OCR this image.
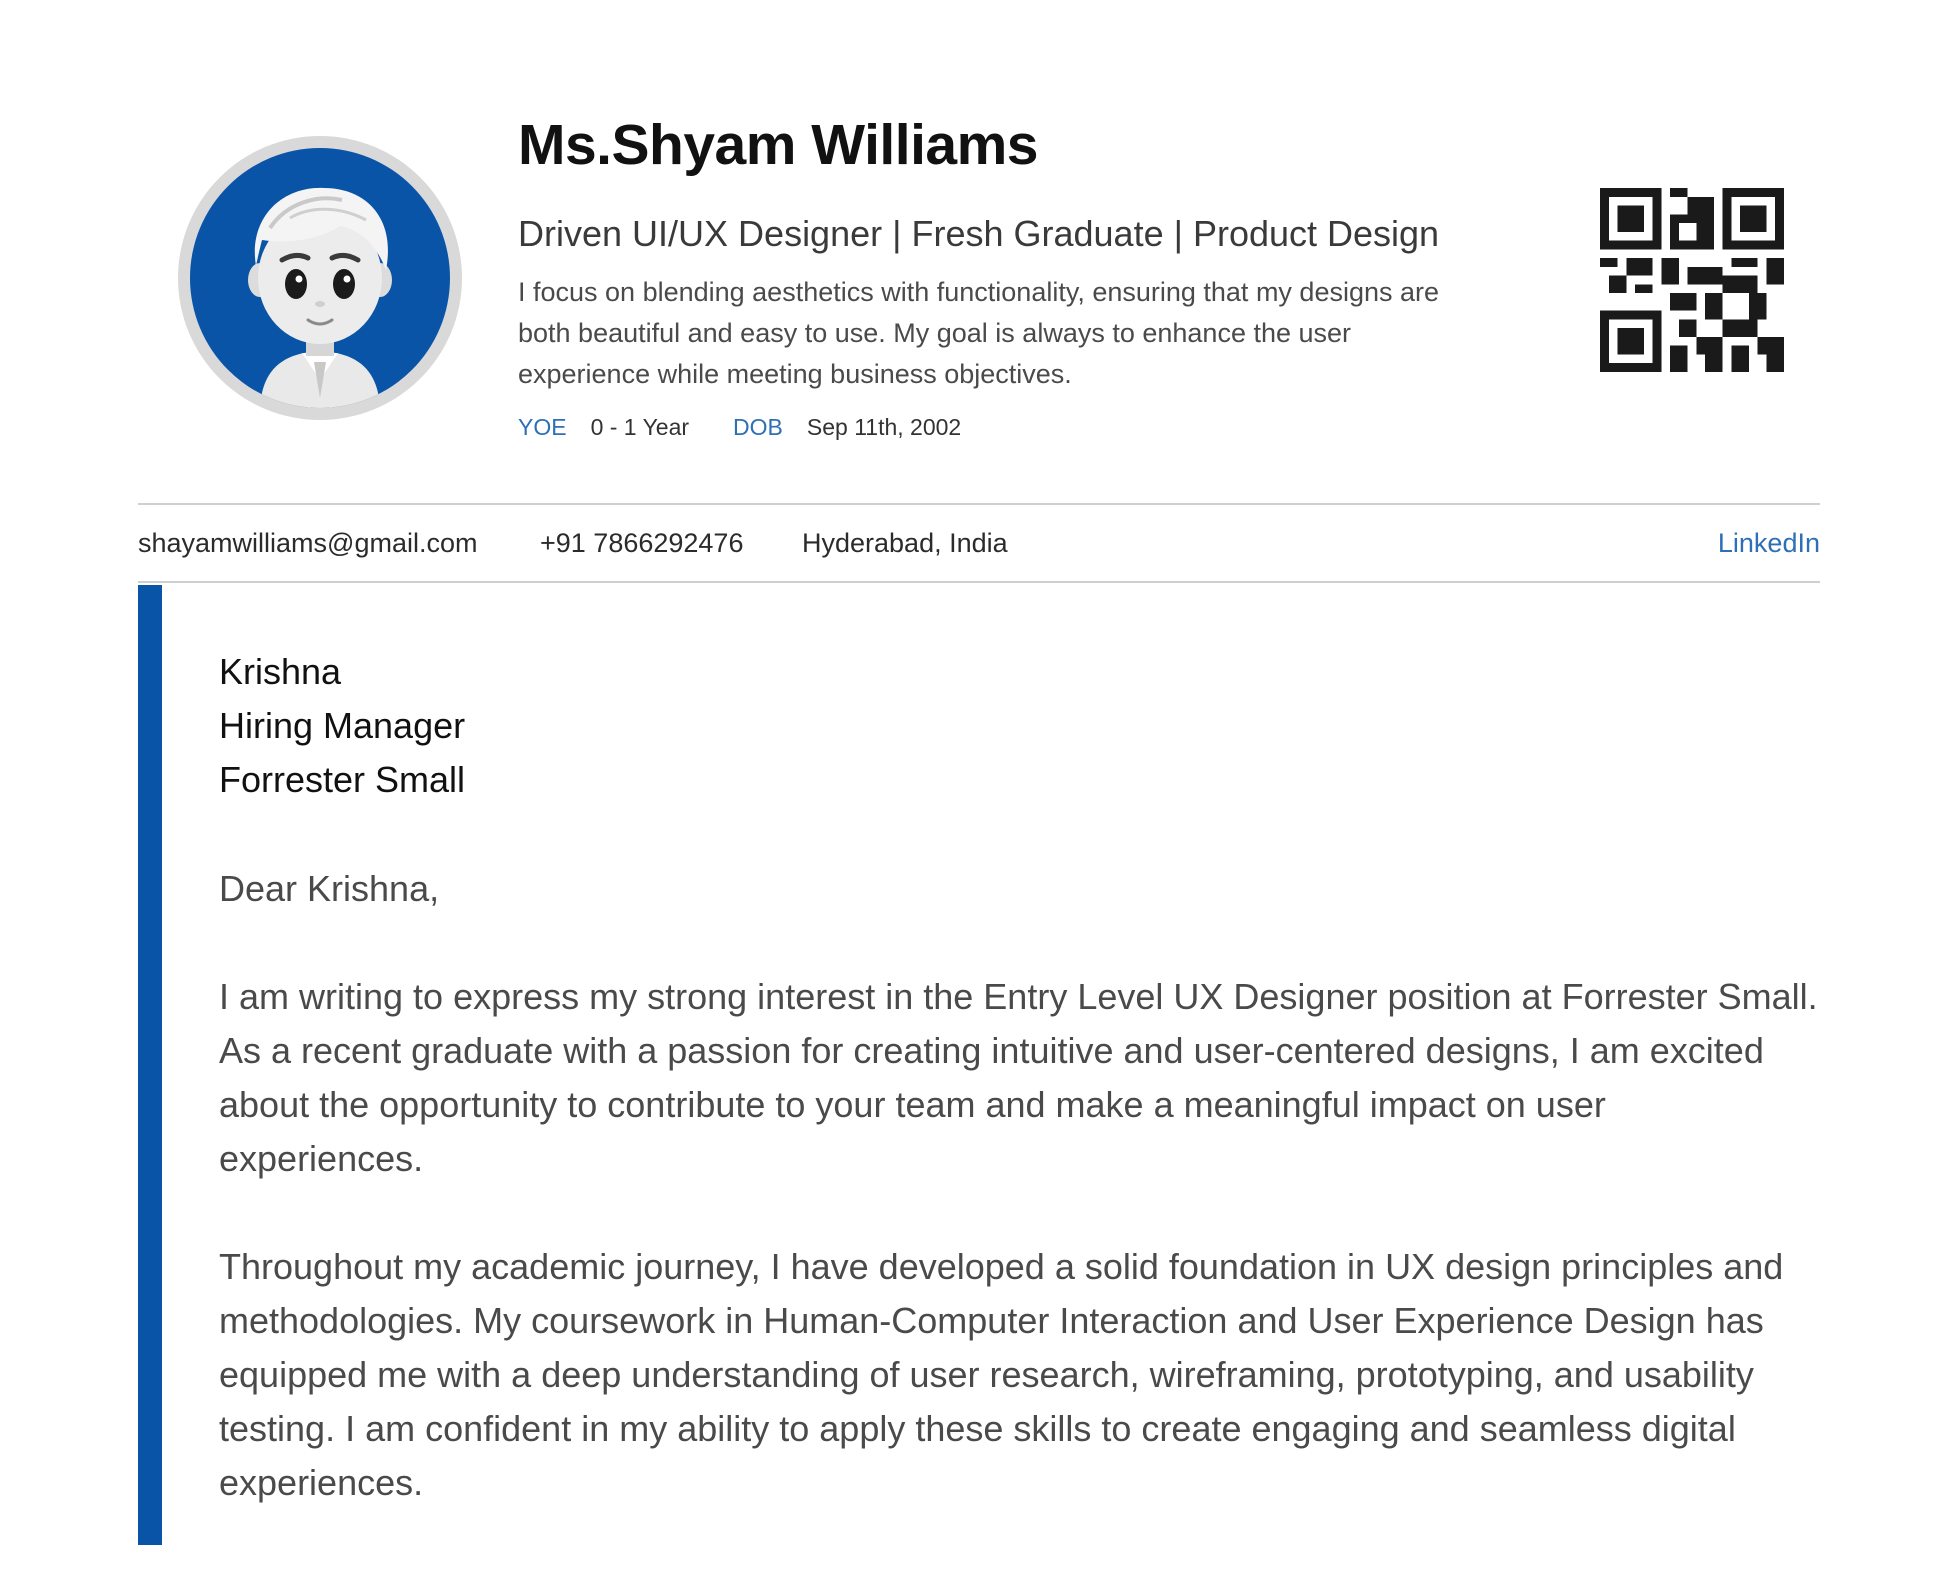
Ms.Shyam Williams
Driven UI/UX Designer | Fresh Graduate | Product Design
I focus on blending aesthetics with functionality, ensuring that my designs are both beautiful and easy to use. My goal is always to enhance the user experience while meeting business objectives.
YOE 0 - 1 Year DOB Sep 11th, 2002
shayamwilliams@gmail.com +91 7866292476 Hyderabad, India	LinkedIn
Krishna
Hiring Manager
Forrester Small

Dear Krishna,

I am writing to express my strong interest in the Entry Level UX Designer position at Forrester Small. As a recent graduate with a passion for creating intuitive and user-centered designs, I am excited about the opportunity to contribute to your team and make a meaningful impact on user experiences.

Throughout my academic journey, I have developed a solid foundation in UX design principles and methodologies. My coursework in Human-Computer Interaction and User Experience Design has equipped me with a deep understanding of user research, wireframing, prototyping, and usability testing. I am confident in my ability to apply these skills to create engaging and seamless digital experiences.
